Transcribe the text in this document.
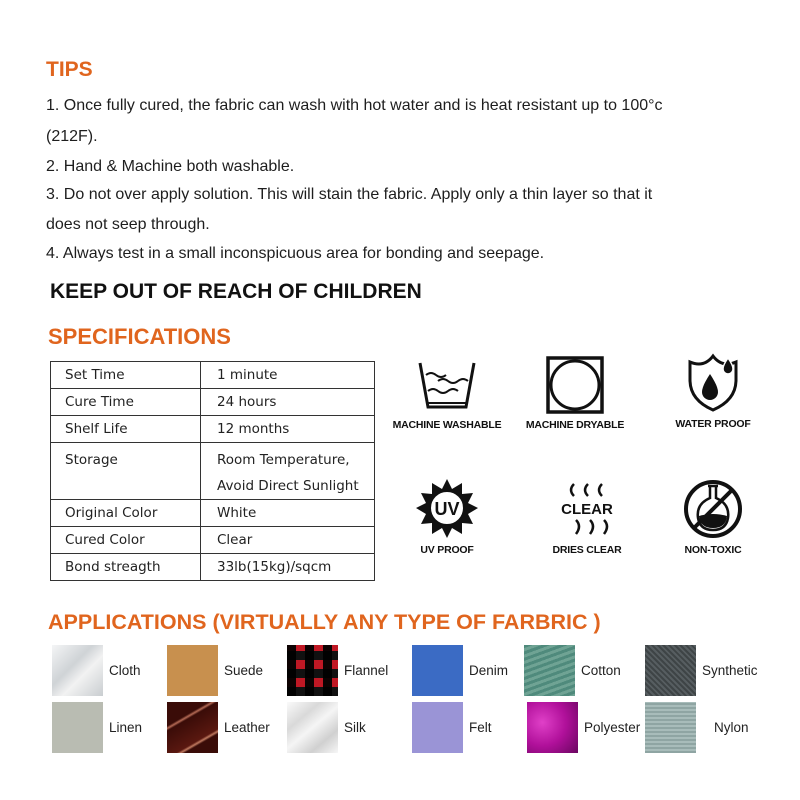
TIPS
1. Once fully cured, the fabric can wash with hot water and is heat resistant up to 100°c
(212F).
2. Hand & Machine both washable.
3. Do not over apply solution. This will stain the fabric. Apply only a thin layer so that it
does not seep through.
4. Always test in a small inconspicuous area for bonding and seepage.
KEEP OUT OF REACH OF CHILDREN
SPECIFICATIONS
Set Time	1 minute
Cure Time	24 hours
Shelf Life	12 months
Storage	Room Temperature,
Avoid Direct Sunlight

Original Color	White
Cured Color	Clear
Bond streagth	33lb(15kg)/sqcm
MACHINE WASHABLE	MACHINE DRYABLE	WATER PROOF
UV
UV PROOF
CLEAR
DRIES CLEAR	NON-TOXIC
APPLICATIONS (VIRTUALLY ANY TYPE OF FARBRIC )
Cloth	Suede	Flannel	Denim	Cotton	Synthetic
Linen	Leather	Silk	Felt	Polyester	Nylon
